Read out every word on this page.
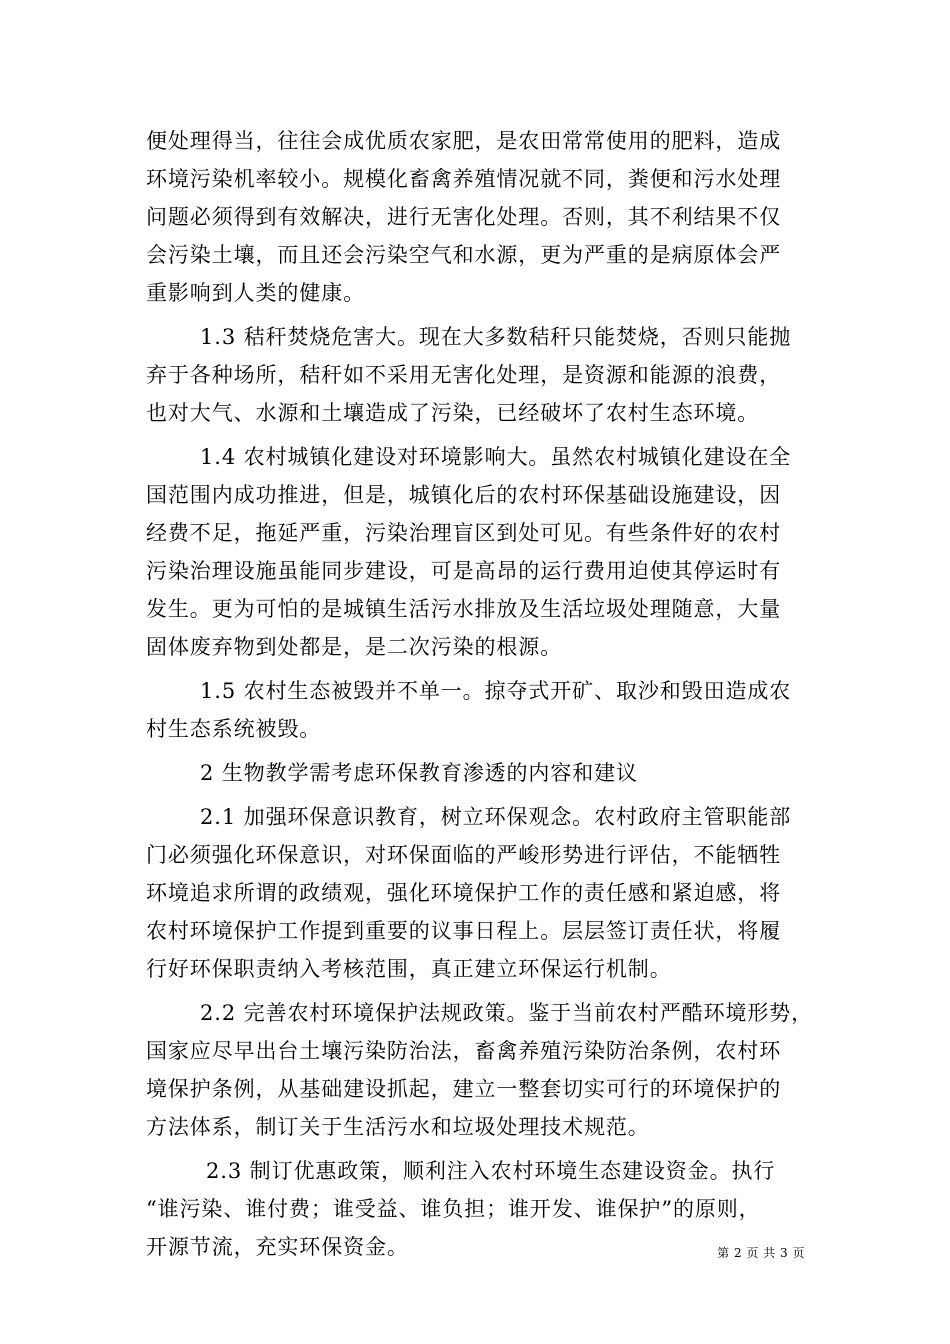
便处理得当，往往会成优质农家肥，是农田常常使用的肥料，造成
环境污染机率较小。规模化畜禽养殖情况就不同，粪便和污水处理
问题必须得到有效解决，进行无害化处理。否则，其不利结果不仅
会污染土壤，而且还会污染空气和水源，更为严重的是病原体会严
重影响到人类的健康。
1.3 秸秆焚烧危害大。现在大多数秸秆只能焚烧，否则只能抛
弃于各种场所，秸秆如不采用无害化处理，是资源和能源的浪费，
也对大气、水源和土壤造成了污染，已经破坏了农村生态环境。
1.4 农村城镇化建设对环境影响大。虽然农村城镇化建设在全
国范围内成功推进，但是，城镇化后的农村环保基础设施建设，因
经费不足，拖延严重，污染治理盲区到处可见。有些条件好的农村
污染治理设施虽能同步建设，可是高昂的运行费用迫使其停运时有
发生。更为可怕的是城镇生活污水排放及生活垃圾处理随意，大量
固体废弃物到处都是，是二次污染的根源。
1.5 农村生态被毁并不单一。掠夺式开矿、取沙和毁田造成农
村生态系统被毁。
2 生物教学需考虑环保教育渗透的内容和建议
2.1 加强环保意识教育，树立环保观念。农村政府主管职能部
门必须强化环保意识，对环保面临的严峻形势进行评估，不能牺牲
环境追求所谓的政绩观，强化环境保护工作的责任感和紧迫感，将
农村环境保护工作提到重要的议事日程上。层层签订责任状，将履
行好环保职责纳入考核范围，真正建立环保运行机制。
2.2 完善农村环境保护法规政策。鉴于当前农村严酷环境形势，
国家应尽早出台土壤污染防治法，畜禽养殖污染防治条例，农村环
境保护条例，从基础建设抓起，建立一整套切实可行的环境保护的
方法体系，制订关于生活污水和垃圾处理技术规范。
2.3 制订优惠政策，顺利注入农村环境生态建设资金。执行
“谁污染、谁付费；谁受益、谁负担；谁开发、谁保护”的原则，
开源节流，充实环保资金。	第 2 页 共 3 页
